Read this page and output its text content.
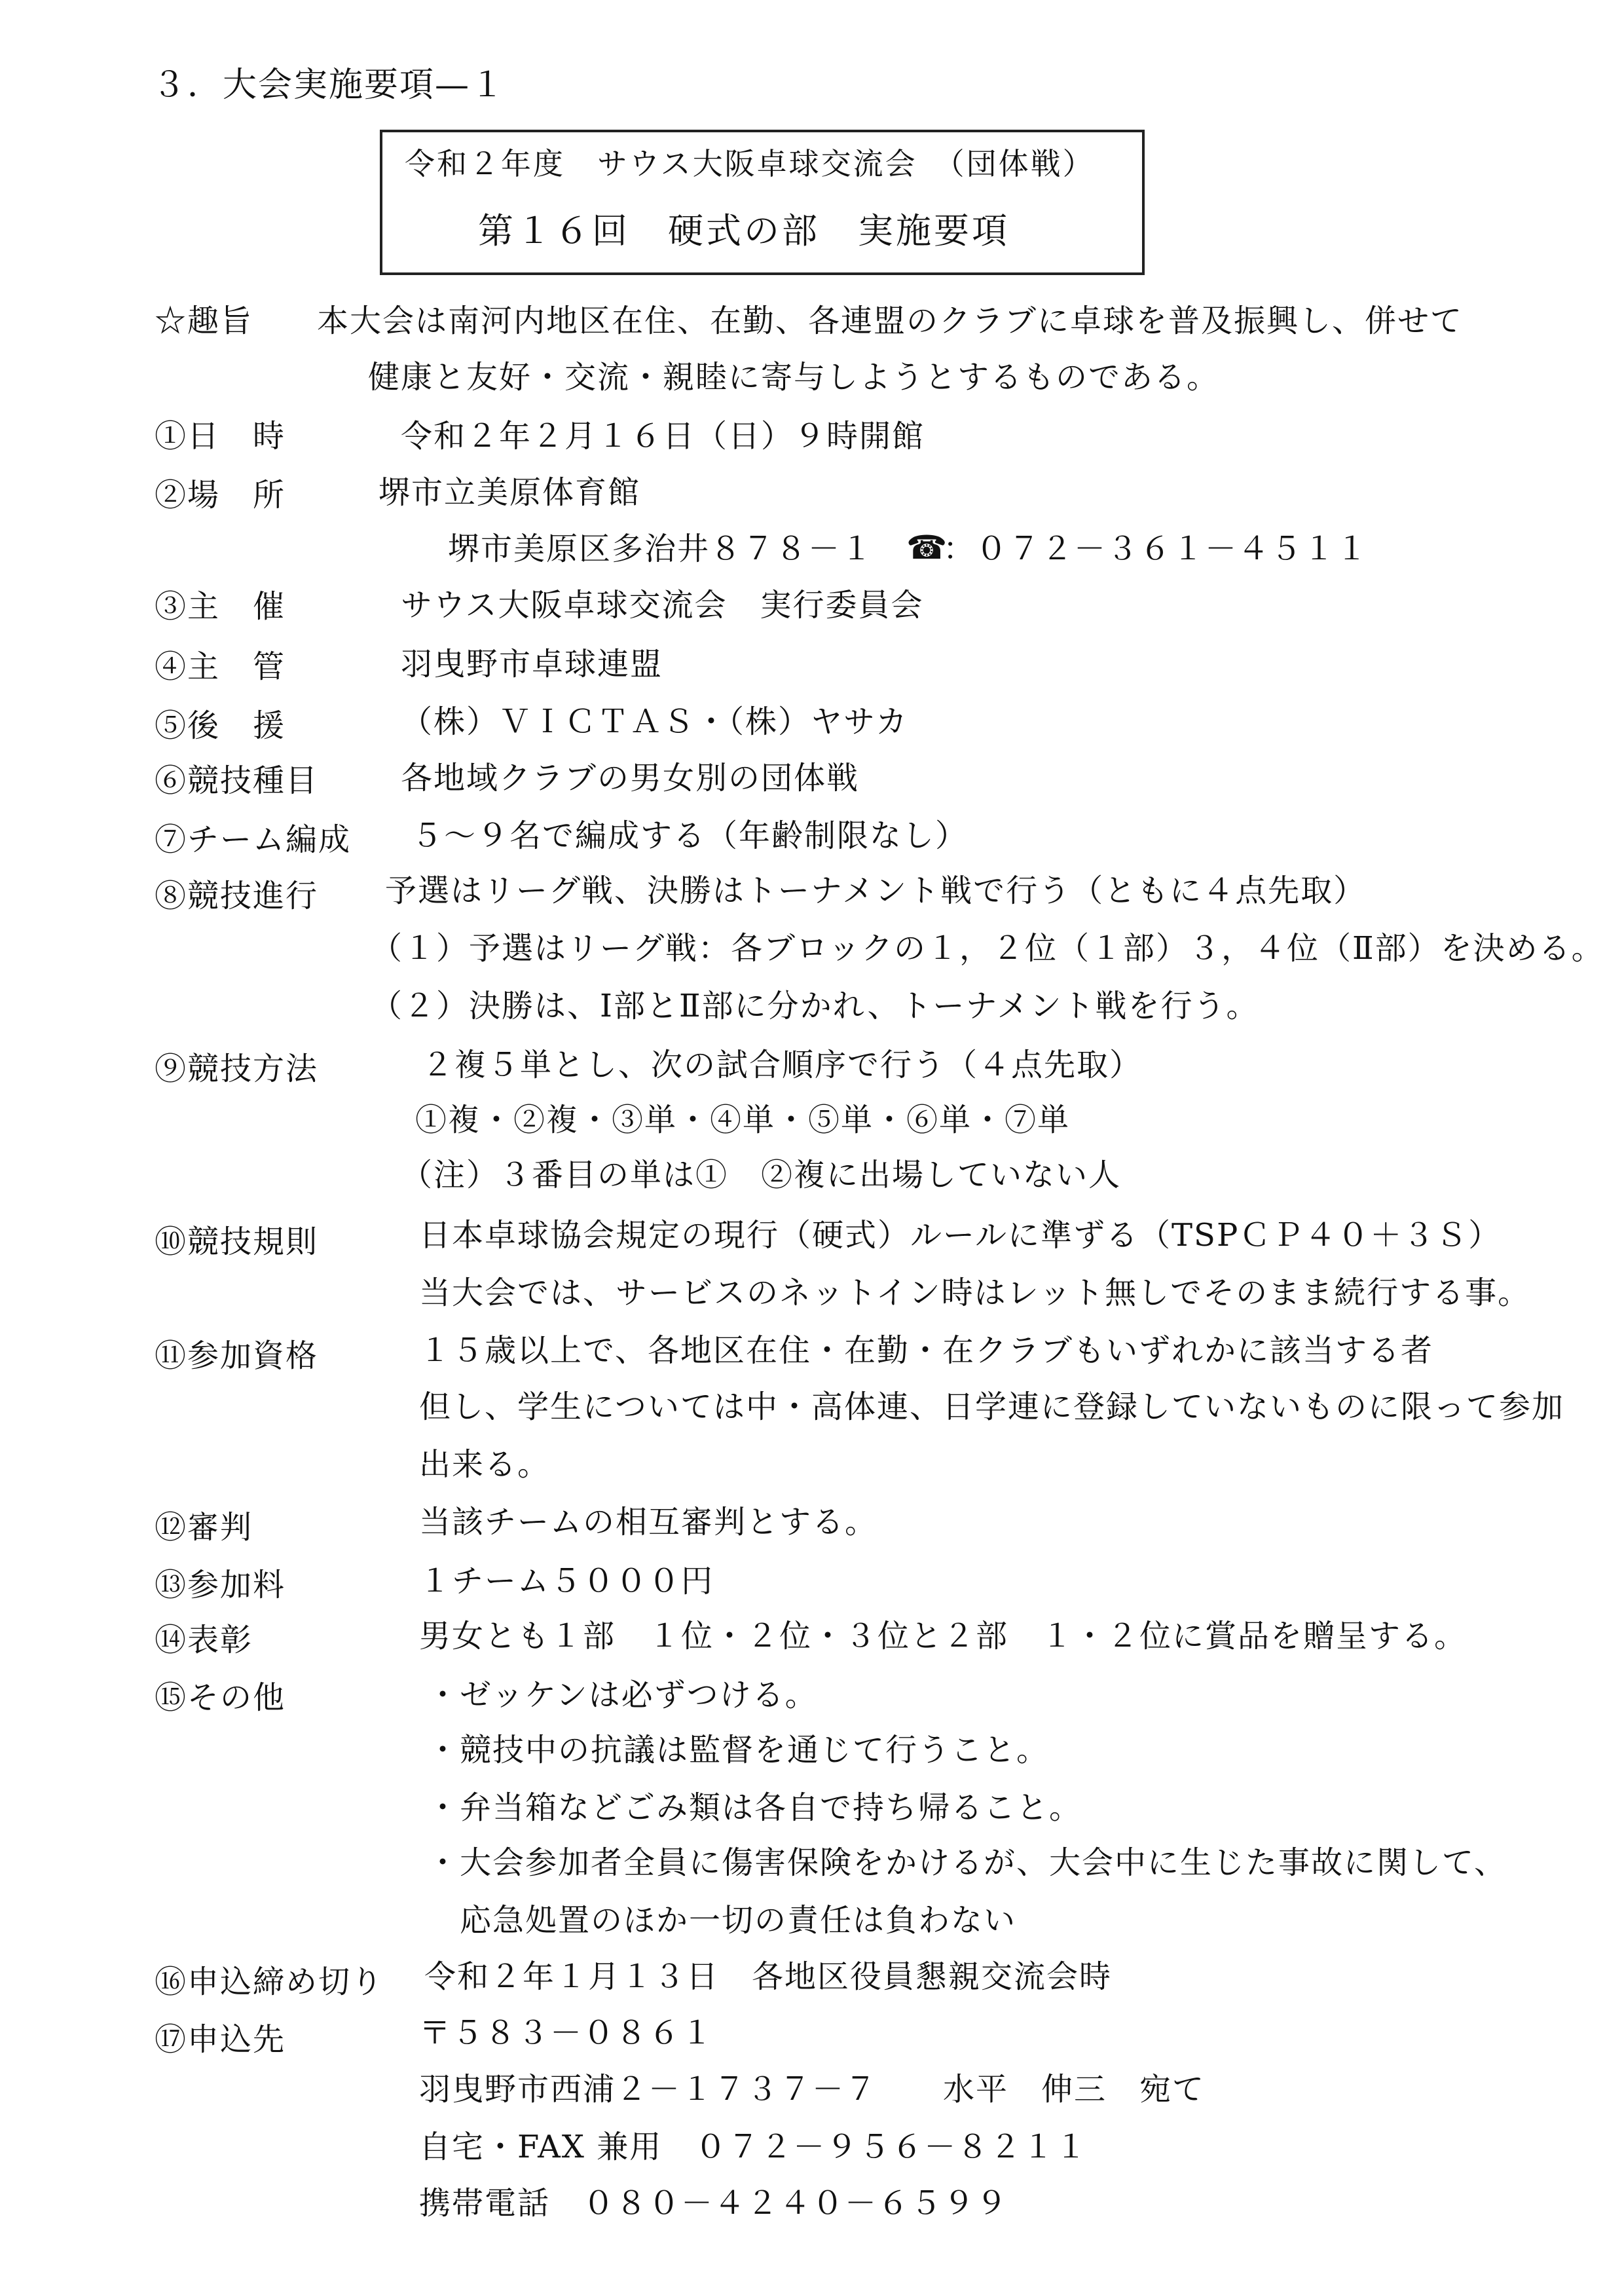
３．大会実施要項—１
令和２年度　サウス大阪卓球交流会　（団体戦）
第１６回　硬式の部　実施要項
☆趣旨 本大会は南河内地区在住、在勤、各連盟のクラブに卓球を普及振興し、併せて
健康と友好・交流・親睦に寄与しようとするものである。
①日　時	令和２年２月１６日（日）９時開館
②場　所	堺市立美原体育館
堺市美原区多治井８７８－１ ☎
：０７２－３６１－４５１１
③主　催	サウス大阪卓球交流会　実行委員会
④主　管	羽曳野市卓球連盟
⑤後　援	（株）ＶＩＣＴＡＳ・（株）ヤサカ
⑥競技種目	各地域クラブの男女別の団体戦
⑦チーム編成 ５～９名で編成する（年齢制限なし）
⑧競技進行 予選はリーグ戦、決勝はトーナメント戦で行う（ともに４点先取）
（１）予選はリーグ戦：各ブロックの１，２位（１部）３，４位（Ⅱ部）を決める。
（２）決勝は、Ⅰ部とⅡ部に分かれ、トーナメント戦を行う。
⑨競技方法	２複５単とし、次の試合順序で行う（４点先取）
①複・②複・③単・④単・⑤単・⑥単・⑦単
（注）３番目の単は①　②複に出場していない人
⑩競技規則	日本卓球協会規定の現行（硬式）ルールに準ずる（TSPＣＰ４０＋３Ｓ）
当大会では、サービスのネットイン時はレット無しでそのまま続行する事。
⑪参加資格	１５歳以上で、各地区在住・在勤・在クラブもいずれかに該当する者
但し、学生については中・高体連、日学連に登録していないものに限って参加
出来る。
⑫審判	当該チームの相互審判とする。
⑬参加料	１チーム５０００円
⑭表彰	男女とも１部　１位・２位・３位と２部　１・２位に賞品を贈呈する。
⑮その他	・ゼッケンは必ずつける。
・競技中の抗議は監督を通じて行うこと。
・弁当箱などごみ類は各自で持ち帰ること。
・大会参加者全員に傷害保険をかけるが、大会中に生じた事故に関して、
応急処置のほか一切の責任は負わない
⑯申込締め切り 令和２年１月１３日　各地区役員懇親交流会時
⑰申込先	〒５８３－０８６１
羽曳野市西浦２－１７３７－７　　水平　伸三　宛て
自宅・FAX 兼用　０７２－９５６－８２１１
携帯電話　０８０－４２４０－６５９９
